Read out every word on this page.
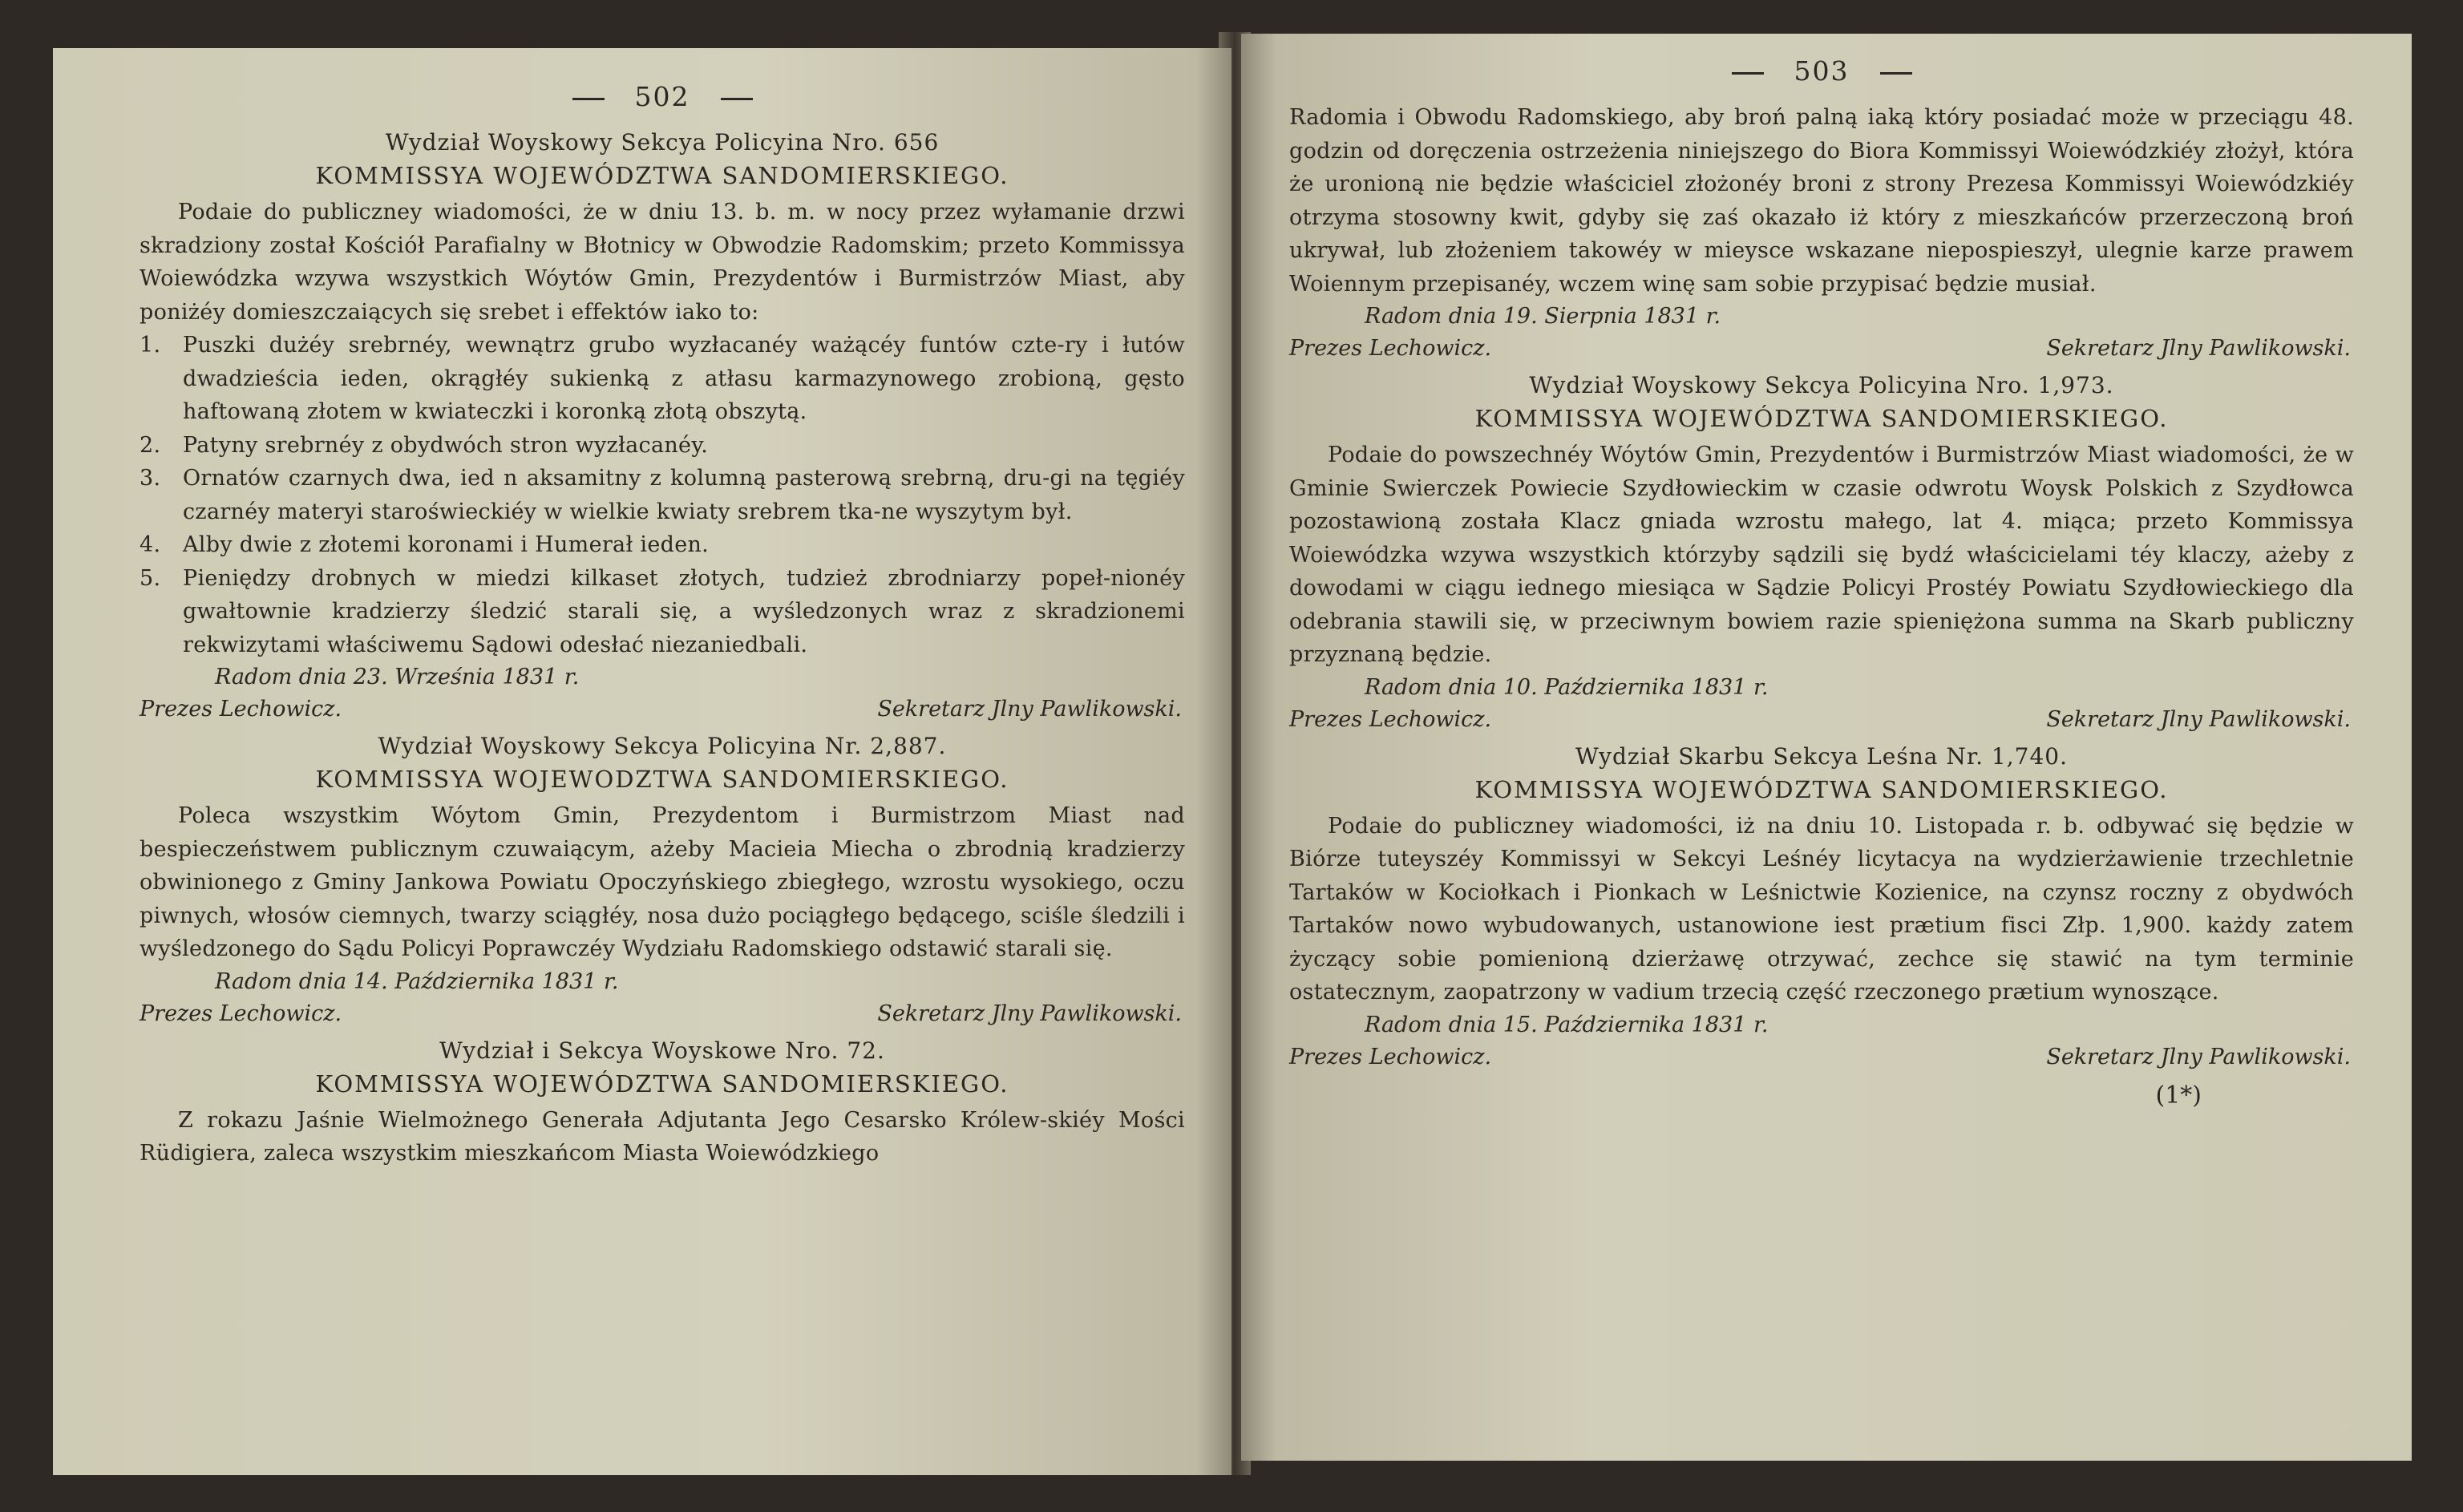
502
Wydział Woyskowy Sekcya Policyina Nro. 656
KOMMISSYA WOJEWÓDZTWA SANDOMIERSKIEGO.
Podaie do publiczney wiadomości, że w dniu 13. b. m. w nocy przez wyłamanie drzwi skradziony został Kościół Parafialny w Błotnicy w Obwodzie Radomskim; przeto Kommissya Woiewódzka wzywa wszystkich Wóytów Gmin, Prezydentów i Burmistrzów Miast, aby poniżéy domieszczaiących się srebet i effektów iako to:
1.	Puszki dużéy srebrnéy, wewnątrz grubo wyzłacanéy ważącéy funtów czte-ry i łutów dwadzieścia ieden, okrągłéy sukienką z atłasu karmazynowego zrobioną, gęsto haftowaną złotem w kwiateczki i koronką złotą obszytą.
2.	Patyny srebrnéy z obydwóch stron wyzłacanéy.
3.	Ornatów czarnych dwa, ied n aksamitny z kolumną pasterową srebrną, dru-gi na tęgiéy czarnéy materyi staroświeckiéy w wielkie kwiaty srebrem tka-ne wyszytym był.
4.	Alby dwie z złotemi koronami i Humerał ieden.
5.	Pieniędzy drobnych w miedzi kilkaset złotych, tudzież zbrodniarzy popeł-nionéy gwałtownie kradzierzy śledzić starali się, a wyśledzonych wraz z skradzionemi rekwizytami właściwemu Sądowi odesłać niezaniedbali.
Radom dnia 23. Września 1831 r.
Prezes Lechowicz.	Sekretarz Jlny Pawlikowski.
Wydział Woyskowy Sekcya Policyina Nr. 2,887.
KOMMISSYA WOJEWODZTWA SANDOMIERSKIEGO.
Poleca wszystkim Wóytom Gmin, Prezydentom i Burmistrzom Miast nad bespieczeństwem publicznym czuwaiącym, ażeby Macieia Miecha o zbrodnią kradzierzy obwinionego z Gminy Jankowa Powiatu Opoczyńskiego zbiegłego, wzrostu wysokiego, oczu piwnych, włosów ciemnych, twarzy sciągłéy, nosa dużo pociągłego będącego, sciśle śledzili i wyśledzonego do Sądu Policyi Poprawczéy Wydziału Radomskiego odstawić starali się.
Radom dnia 14. Października 1831 r.
Prezes Lechowicz.	Sekretarz Jlny Pawlikowski.
Wydział i Sekcya Woyskowe Nro. 72.
KOMMISSYA WOJEWÓDZTWA SANDOMIERSKIEGO.
Z rokazu Jaśnie Wielmożnego Generała Adjutanta Jego Cesarsko Królew-skiéy Mości Rüdigiera, zaleca wszystkim mieszkańcom Miasta Woiewódzkiego
503
Radomia i Obwodu Radomskiego, aby broń palną iaką który posiadać może w przeciągu 48. godzin od doręczenia ostrzeżenia niniejszego do Biora Kommissyi Woiewódzkiéy złożył, która że uronioną nie będzie właściciel złożonéy broni z strony Prezesa Kommissyi Woiewódzkiéy otrzyma stosowny kwit, gdyby się zaś okazało iż który z mieszkańców przerzeczoną broń ukrywał, lub złożeniem takowéy w mieysce wskazane niepospieszył, ulegnie karze prawem Woiennym przepisanéy, wczem winę sam sobie przypisać będzie musiał.
Radom dnia 19. Sierpnia 1831 r.
Prezes Lechowicz.	Sekretarz Jlny Pawlikowski.
Wydział Woyskowy Sekcya Policyina Nro. 1,973.
KOMMISSYA WOJEWÓDZTWA SANDOMIERSKIEGO.
Podaie do powszechnéy Wóytów Gmin, Prezydentów i Burmistrzów Miast wiadomości, że w Gminie Swierczek Powiecie Szydłowieckim w czasie odwrotu Woysk Polskich z Szydłowca pozostawioną została Klacz gniada wzrostu małego, lat 4. miąca; przeto Kommissya Woiewódzka wzywa wszystkich którzyby sądzili się bydź właścicielami téy klaczy, ażeby z dowodami w ciągu iednego miesiąca w Sądzie Policyi Prostéy Powiatu Szydłowieckiego dla odebrania stawili się, w przeciwnym bowiem razie spieniężona summa na Skarb publiczny przyznaną będzie.
Radom dnia 10. Października 1831 r.
Prezes Lechowicz.	Sekretarz Jlny Pawlikowski.
Wydział Skarbu Sekcya Leśna Nr. 1,740.
KOMMISSYA WOJEWÓDZTWA SANDOMIERSKIEGO.
Podaie do publiczney wiadomości, iż na dniu 10. Listopada r. b. odbywać się będzie w Biórze tuteyszéy Kommissyi w Sekcyi Leśnéy licytacya na wydzierżawienie trzechletnie Tartaków w Kociołkach i Pionkach w Leśnictwie Kozienice, na czynsz roczny z obydwóch Tartaków nowo wybudowanych, ustanowione iest prætium fisci Złp. 1,900. każdy zatem życzący sobie pomienioną dzierżawę otrzywać, zechce się stawić na tym terminie ostatecznym, zaopatrzony w vadium trzecią część rzeczonego prætium wynoszące.
Radom dnia 15. Października 1831 r.
Prezes Lechowicz.	Sekretarz Jlny Pawlikowski.
(1*)
